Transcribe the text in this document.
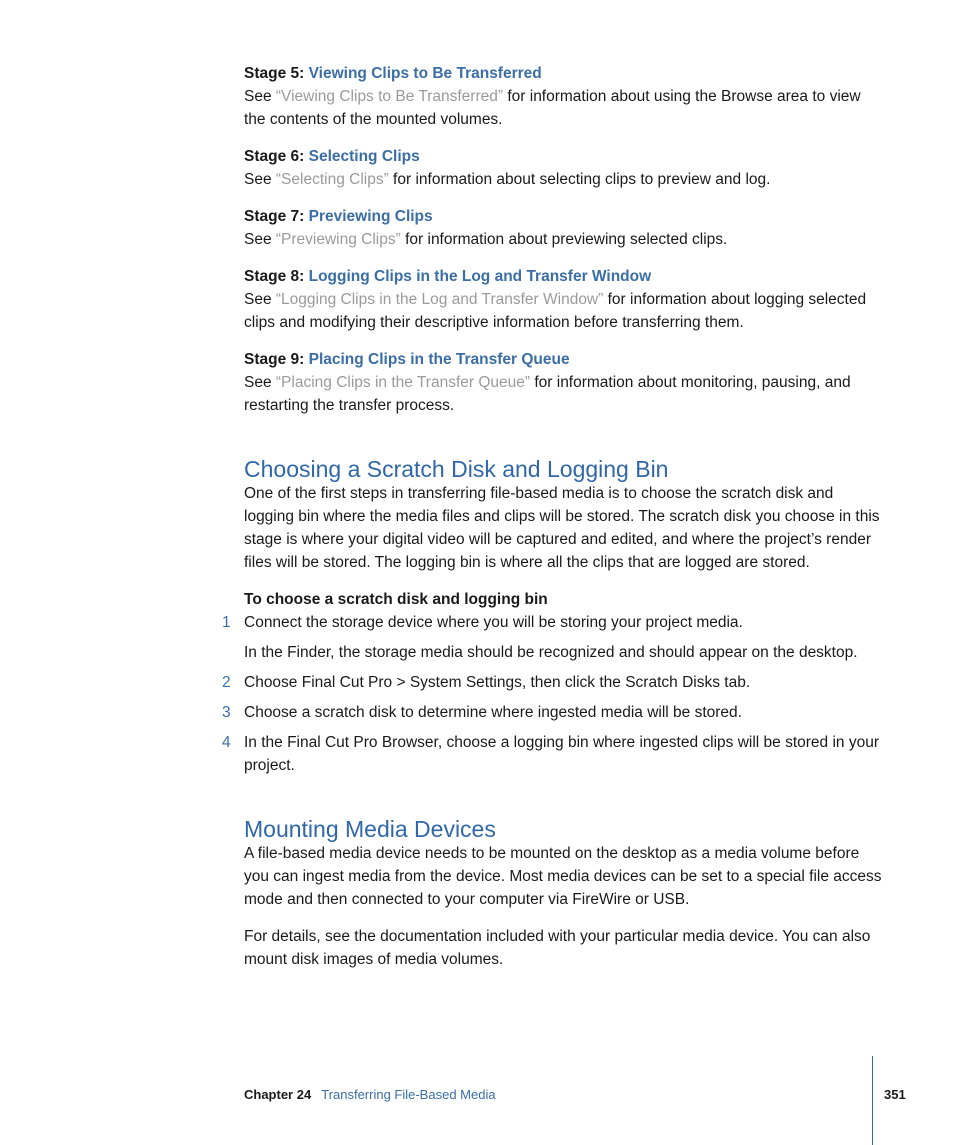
Stage 5: Viewing Clips to Be Transferred

See “Viewing Clips to Be Transferred” for information about using the Browse area to view the contents of the mounted volumes.

Stage 6: Selecting Clips

See “Selecting Clips” for information about selecting clips to preview and log.

Stage 7: Previewing Clips

See “Previewing Clips” for information about previewing selected clips.

Stage 8: Logging Clips in the Log and Transfer Window

See “Logging Clips in the Log and Transfer Window” for information about logging selected clips and modifying their descriptive information before transferring them.

Stage 9: Placing Clips in the Transfer Queue

See “Placing Clips in the Transfer Queue” for information about monitoring, pausing, and restarting the transfer process.

Choosing a Scratch Disk and Logging Bin

One of the first steps in transferring file-based media is to choose the scratch disk and logging bin where the media files and clips will be stored. The scratch disk you choose in this stage is where your digital video will be captured and edited, and where the project’s render files will be stored. The logging bin is where all the clips that are logged are stored.

To choose a scratch disk and logging bin

1 Connect the storage device where you will be storing your project media.

In the Finder, the storage media should be recognized and should appear on the desktop.

2 Choose Final Cut Pro > System Settings, then click the Scratch Disks tab.
3 Choose a scratch disk to determine where ingested media will be stored.
4 In the Final Cut Pro Browser, choose a logging bin where ingested clips will be stored in your project.
Mounting Media Devices

A file-based media device needs to be mounted on the desktop as a media volume before you can ingest media from the device. Most media devices can be set to a special file access mode and then connected to your computer via FireWire or USB.

For details, see the documentation included with your particular media device. You can also mount disk images of media volumes.

Chapter 24 Transferring File-Based Media	351
